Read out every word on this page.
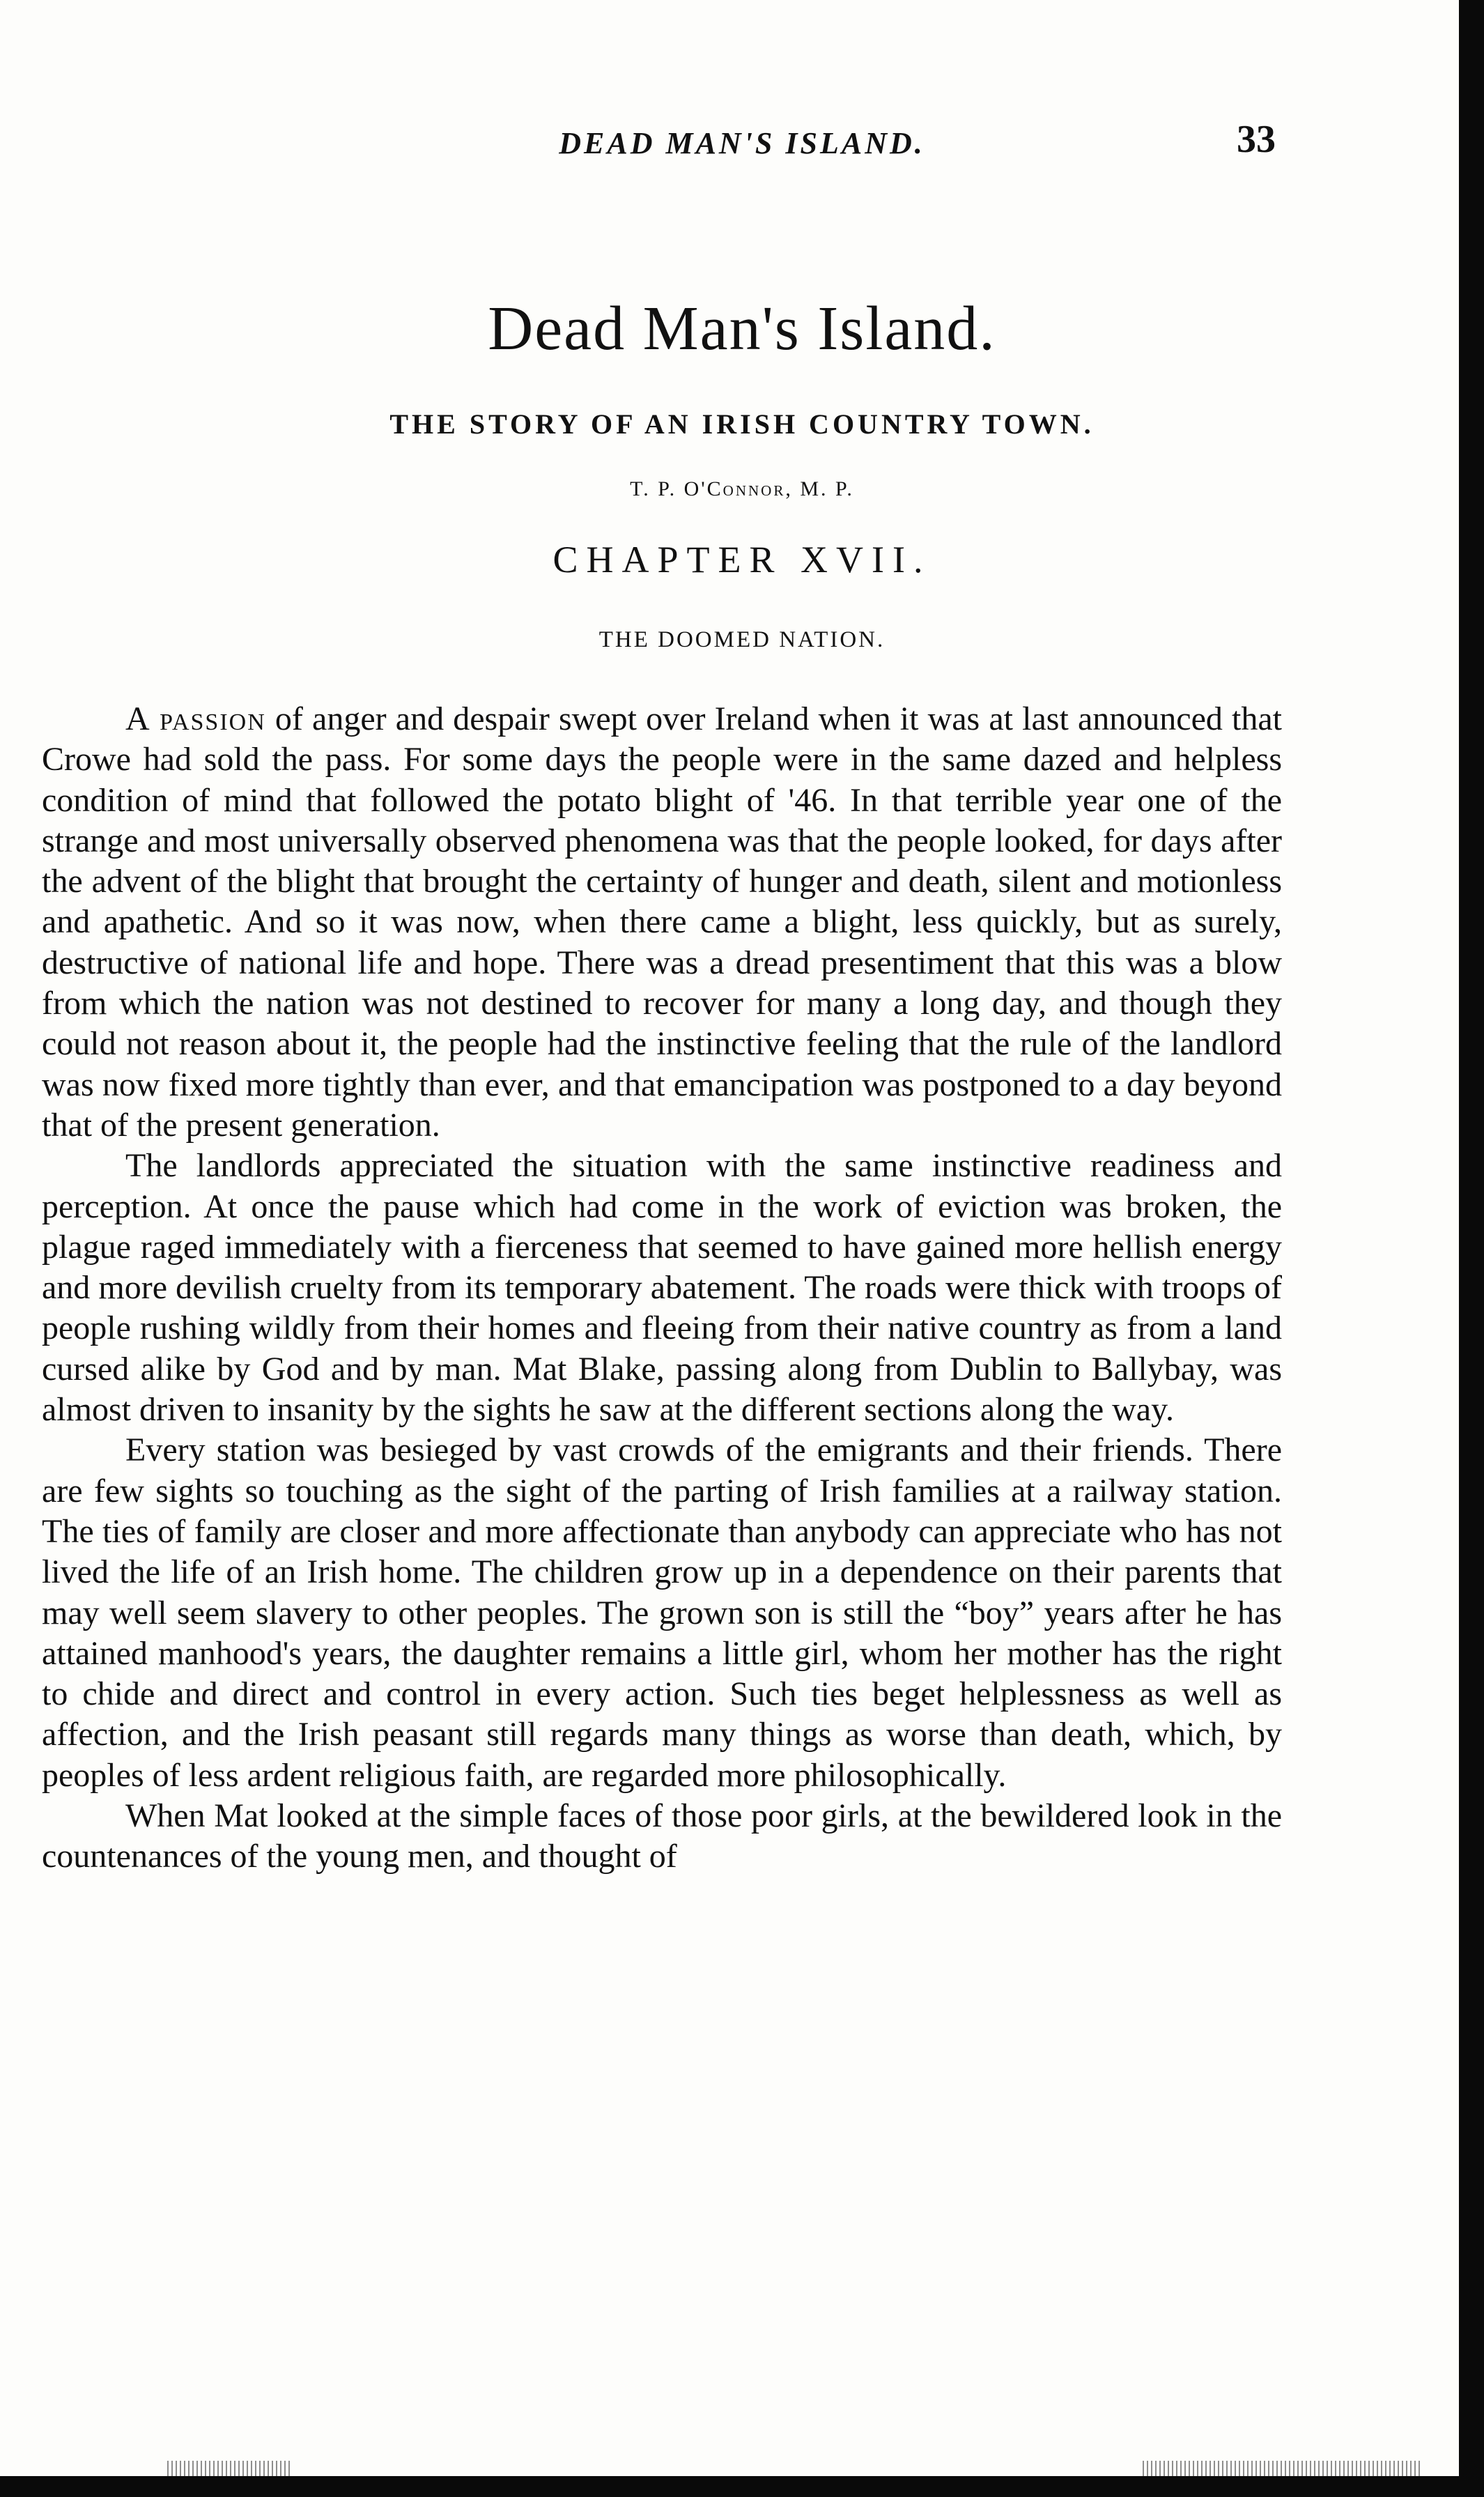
DEAD MAN'S ISLAND.	33
Dead Man's Island.
THE STORY OF AN IRISH COUNTRY TOWN.
T. P. O'Connor, M. P.
CHAPTER XVII.
THE DOOMED NATION.

A passion of anger and despair swept over Ireland when it was at last announced that Crowe had sold the pass. For some days the people were in the same dazed and helpless condition of mind that followed the potato blight of '46. In that terrible year one of the strange and most universally observed phenomena was that the people looked, for days after the advent of the blight that brought the certainty of hunger and death, silent and motionless and apathetic. And so it was now, when there came a blight, less quickly, but as surely, destructive of national life and hope. There was a dread presentiment that this was a blow from which the nation was not destined to recover for many a long day, and though they could not reason about it, the people had the instinctive feeling that the rule of the landlord was now fixed more tightly than ever, and that emancipation was postponed to a day beyond that of the present generation.

The landlords appreciated the situation with the same instinctive readiness and perception. At once the pause which had come in the work of eviction was broken, the plague raged immediately with a fierceness that seemed to have gained more hellish energy and more devilish cruelty from its temporary abatement. The roads were thick with troops of people rushing wildly from their homes and fleeing from their native country as from a land cursed alike by God and by man. Mat Blake, passing along from Dublin to Ballybay, was almost driven to insanity by the sights he saw at the different sections along the way.

Every station was besieged by vast crowds of the emigrants and their friends. There are few sights so touching as the sight of the parting of Irish families at a railway station. The ties of family are closer and more affectionate than anybody can appreciate who has not lived the life of an Irish home. The children grow up in a dependence on their parents that may well seem slavery to other peoples. The grown son is still the “boy” years after he has attained manhood's years, the daughter remains a little girl, whom her mother has the right to chide and direct and control in every action. Such ties beget helplessness as well as affection, and the Irish peasant still regards many things as worse than death, which, by peoples of less ardent religious faith, are regarded more philosophically.

When Mat looked at the simple faces of those poor girls, at the bewildered look in the countenances of the young men, and thought of
